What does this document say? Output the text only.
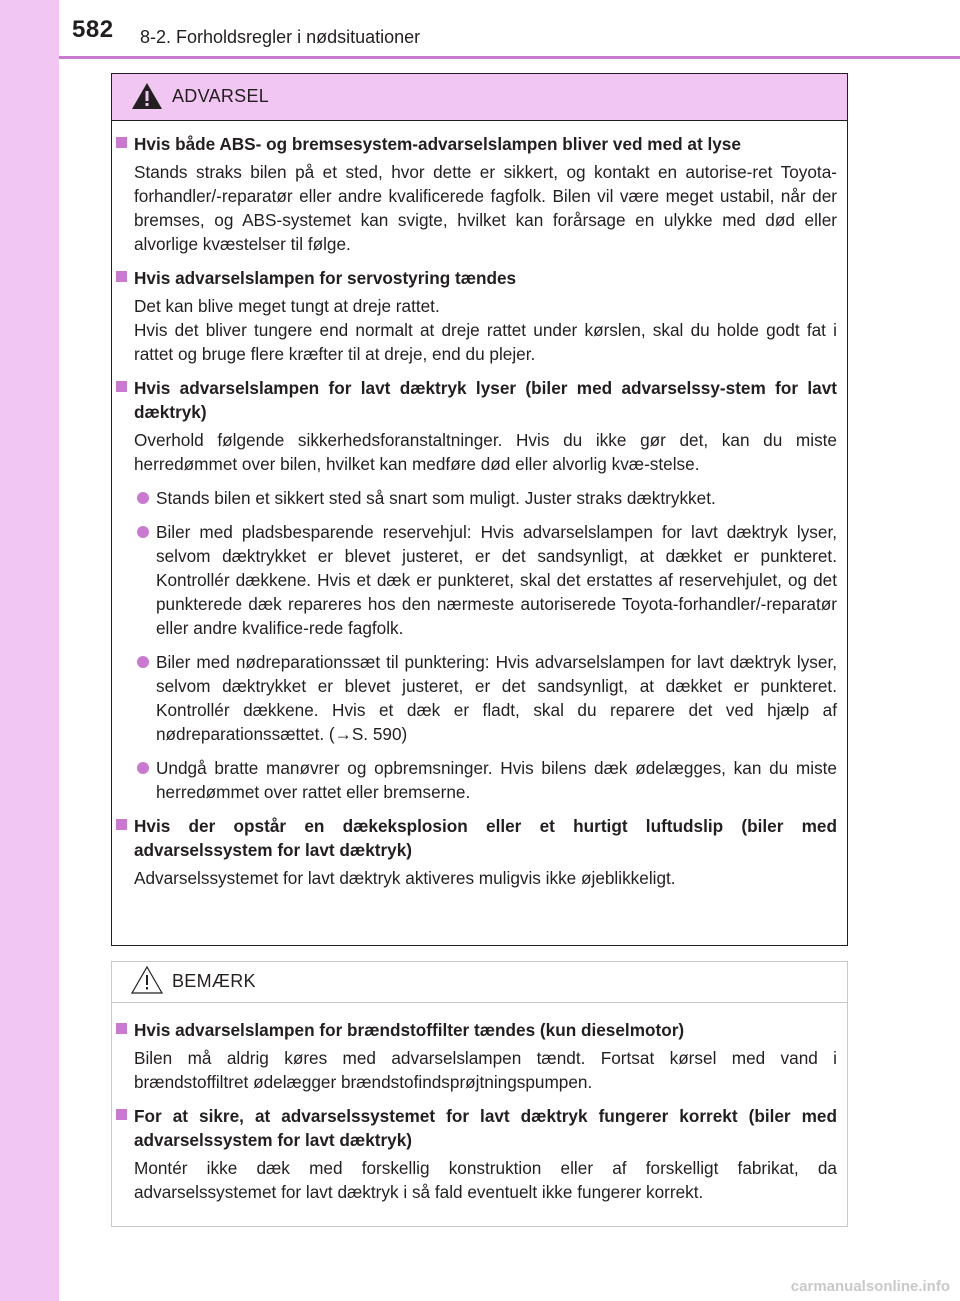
582 8-2. Forholdsregler i nødsituationer
ADVARSEL
Hvis både ABS- og bremsesystem-advarselslampen bliver ved med at lyse
Stands straks bilen på et sted, hvor dette er sikkert, og kontakt en autorise-ret Toyota-forhandler/-reparatør eller andre kvalificerede fagfolk. Bilen vil være meget ustabil, når der bremses, og ABS-systemet kan svigte, hvilket kan forårsage en ulykke med død eller alvorlige kvæstelser til følge.
Hvis advarselslampen for servostyring tændes
Det kan blive meget tungt at dreje rattet.
Hvis det bliver tungere end normalt at dreje rattet under kørslen, skal du holde godt fat i rattet og bruge flere kræfter til at dreje, end du plejer.
Hvis advarselslampen for lavt dæktryk lyser (biler med advarselssy-stem for lavt dæktryk)
Overhold følgende sikkerhedsforanstaltninger. Hvis du ikke gør det, kan du miste herredømmet over bilen, hvilket kan medføre død eller alvorlig kvæ-stelse.
Stands bilen et sikkert sted så snart som muligt. Juster straks dæktrykket.
Biler med pladsbesparende reservehjul: Hvis advarselslampen for lavt dæktryk lyser, selvom dæktrykket er blevet justeret, er det sandsynligt, at dækket er punkteret. Kontrollér dækkene. Hvis et dæk er punkteret, skal det erstattes af reservehjulet, og det punkterede dæk repareres hos den nærmeste autoriserede Toyota-forhandler/-reparatør eller andre kvalifice-rede fagfolk.
Biler med nødreparationssæt til punktering: Hvis advarselslampen for lavt dæktryk lyser, selvom dæktrykket er blevet justeret, er det sandsynligt, at dækket er punkteret. Kontrollér dækkene. Hvis et dæk er fladt, skal du reparere det ved hjælp af nødreparationssættet. (→S. 590)
Undgå bratte manøvrer og opbremsninger. Hvis bilens dæk ødelægges, kan du miste herredømmet over rattet eller bremserne.
Hvis der opstår en dækeksplosion eller et hurtigt luftudslip (biler med advarselssystem for lavt dæktryk)
Advarselssystemet for lavt dæktryk aktiveres muligvis ikke øjeblikkeligt.
BEMÆRK
Hvis advarselslampen for brændstoffilter tændes (kun dieselmotor)
Bilen må aldrig køres med advarselslampen tændt. Fortsat kørsel med vand i brændstoffiltret ødelægger brændstofindsprøjtningspumpen.
For at sikre, at advarselssystemet for lavt dæktryk fungerer korrekt (biler med advarselssystem for lavt dæktryk)
Montér ikke dæk med forskellig konstruktion eller af forskelligt fabrikat, da advarselssystemet for lavt dæktryk i så fald eventuelt ikke fungerer korrekt.
carmanualsonline.info
